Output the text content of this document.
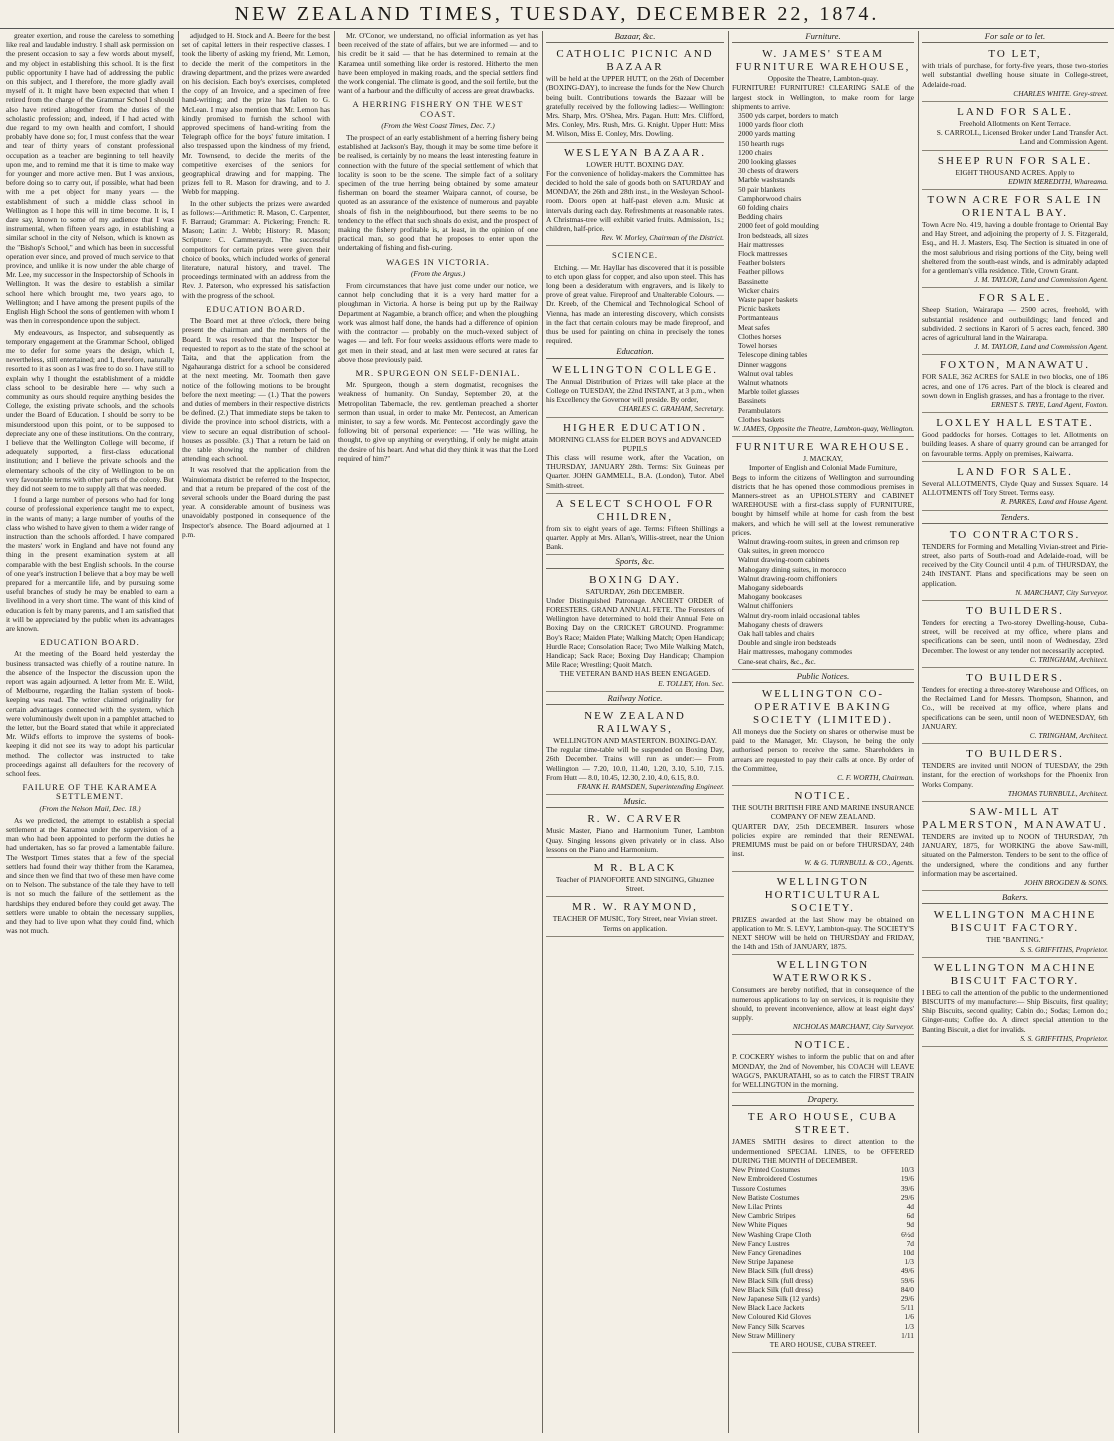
NEW ZEALAND TIMES, TUESDAY, DECEMBER 22, 1874.

greater exertion, and rouse the careless to something like real and laudable industry. I shall ask permission on the present occasion to say a few words about myself, and my object in establishing this school. It is the first public opportunity I have had of addressing the public on this subject, and I therefore, the more gladly avail myself of it. It might have been expected that when I retired from the charge of the Grammar School I should also have retired altogether from the duties of the scholastic profession; and, indeed, if I had acted with due regard to my own health and comfort, I should probably have done so; for, I must confess that the wear and tear of thirty years of constant professional occupation as a teacher are beginning to tell heavily upon me, and to remind me that it is time to make way for younger and more active men. But I was anxious, before doing so to carry out, if possible, what had been with me a pet object for many years — the establishment of such a middle class school in Wellington as I hope this will in time become. It is, I dare say, known to some of my audience that I was instrumental, when fifteen years ago, in establishing a similar school in the city of Nelson, which is known as the "Bishop's School," and which has been in successful operation ever since, and proved of much service to that province, and unlike it is now under the able charge of Mr. Lee, my successor in the Inspectorship of Schools in Wellington. It was the desire to establish a similar school here which brought me, two years ago, to Wellington; and I have among the present pupils of the English High School the sons of gentlemen with whom I was then in correspondence upon the subject.

My endeavours, as Inspector, and subsequently as temporary engagement at the Grammar School, obliged me to defer for some years the design, which I, nevertheless, still entertained; and I, therefore, naturally resorted to it as soon as I was free to do so. I have still to explain why I thought the establishment of a middle class school to be desirable here — why such a community as ours should require anything besides the College, the existing private schools, and the schools under the Board of Education. I should be sorry to be misunderstood upon this point, or to be supposed to depreciate any one of these institutions. On the contrary, I believe that the Wellington College will become, if adequately supported, a first-class educational institution; and I believe the private schools and the elementary schools of the city of Wellington to be on very favourable terms with other parts of the colony. But they did not seem to me to supply all that was needed.

I found a large number of persons who had for long course of professional experience taught me to expect, in the wants of many; a large number of youths of the class who wished to have given to them a wider range of instruction than the schools afforded. I have compared the masters' work in England and have not found any thing in the present examination system at all comparable with the best English schools. In the course of one year's instruction I believe that a boy may be well prepared for a mercantile life, and by pursuing some useful branches of study he may be enabled to earn a livelihood in a very short time. The want of this kind of education is felt by many parents, and I am satisfied that it will be appreciated by the public when its advantages are known.

EDUCATION BOARD.

At the meeting of the Board held yesterday the business transacted was chiefly of a routine nature. In the absence of the Inspector the discussion upon the report was again adjourned. A letter from Mr. E. Wild, of Melbourne, regarding the Italian system of book-keeping was read. The writer claimed originality for certain advantages connected with the system, which were voluminously dwelt upon in a pamphlet attached to the letter, but the Board stated that while it appreciated Mr. Wild's efforts to improve the systems of book-keeping it did not see its way to adopt his particular method. The collector was instructed to take proceedings against all defaulters for the recovery of school fees.

FAILURE OF THE KARAMEA SETTLEMENT.
(From the Nelson Mail, Dec. 18.)

As we predicted, the attempt to establish a special settlement at the Karamea under the supervision of a man who had been appointed to perform the duties he had undertaken, has so far proved a lamentable failure. The Westport Times states that a few of the special settlers had found their way thither from the Karamea, and since then we find that two of these men have come on to Nelson. The substance of the tale they have to tell is not so much the failure of the settlement as the hardships they endured before they could get away. The settlers were unable to obtain the necessary supplies, and they had to live upon what they could find, which was not much.

adjudged to H. Stock and A. Beere for the best set of capital letters in their respective classes. I took the liberty of asking my friend, Mr. Lemon, to decide the merit of the competitors in the drawing department, and the prizes were awarded on his decision. Each boy's exercises, completed the copy of an Invoice, and a specimen of free hand-writing; and the prize has fallen to G. McLean. I may also mention that Mr. Lemon has kindly promised to furnish the school with approved specimens of hand-writing from the Telegraph office for the boys' future imitation. I also trespassed upon the kindness of my friend, Mr. Townsend, to decide the merits of the competitive exercises of the seniors for geographical drawing and for mapping. The prizes fell to R. Mason for drawing, and to J. Webb for mapping.

In the other subjects the prizes were awarded as follows:—Arithmetic: R. Mason, C. Carpenter, F. Barraud; Grammar: A. Pickering; French: R. Mason; Latin: J. Webb; History: R. Mason; Scripture: C. Cammeraydt. The successful competitors for certain prizes were given their choice of books, which included works of general literature, natural history, and travel. The proceedings terminated with an address from the Rev. J. Paterson, who expressed his satisfaction with the progress of the school.

EDUCATION BOARD.

The Board met at three o'clock, there being present the chairman and the members of the Board. It was resolved that the Inspector be requested to report as to the state of the school at Taita, and that the application from the Ngahauranga district for a school be considered at the next meeting. Mr. Toomath then gave notice of the following motions to be brought before the next meeting: — (1.) That the powers and duties of members in their respective districts be defined. (2.) That immediate steps be taken to divide the province into school districts, with a view to secure an equal distribution of school-houses as possible. (3.) That a return be laid on the table showing the number of children attending each school.

It was resolved that the application from the Wainuiomata district be referred to the Inspector, and that a return be prepared of the cost of the several schools under the Board during the past year. A considerable amount of business was unavoidably postponed in consequence of the Inspector's absence. The Board adjourned at 1 p.m.

Mr. O'Conor, we understand, no official information as yet has been received of the state of affairs, but we are informed — and to his credit be it said — that he has determined to remain at the Karamea until something like order is restored. Hitherto the men have been employed in making roads, and the special settlers find the work congenial. The climate is good, and the soil fertile, but the want of a harbour and the difficulty of access are great drawbacks.

A HERRING FISHERY ON THE WEST COAST.
(From the West Coast Times, Dec. 7.)

The prospect of an early establishment of a herring fishery being established at Jackson's Bay, though it may be some time before it be realised, is certainly by no means the least interesting feature in connection with the future of the special settlement of which that locality is soon to be the scene. The simple fact of a solitary specimen of the true herring being obtained by some amateur fisherman on board the steamer Waipara cannot, of course, be quoted as an assurance of the existence of numerous and payable shoals of fish in the neighbourhood, but there seems to be no tendency to the effect that such shoals do exist, and the prospect of making the fishery profitable is, at least, in the opinion of one practical man, so good that he proposes to enter upon the undertaking of fishing and fish-curing.

WAGES IN VICTORIA.
(From the Argus.)

From circumstances that have just come under our notice, we cannot help concluding that it is a very hard matter for a ploughman in Victoria. A horse is being put up by the Railway Department at Nagambie, a branch office; and when the ploughing work was almost half done, the hands had a difference of opinion with the contractor — probably on the much-vexed subject of wages — and left. For four weeks assiduous efforts were made to get men in their stead, and at last men were secured at rates far above those previously paid.

MR. SPURGEON ON SELF-DENIAL.

Mr. Spurgeon, though a stern dogmatist, recognises the weakness of humanity. On Sunday, September 20, at the Metropolitan Tabernacle, the rev. gentleman preached a shorter sermon than usual, in order to make Mr. Pentecost, an American minister, to say a few words. Mr. Pentecost accordingly gave the following bit of personal experience: — "He was willing, he thought, to give up anything or everything, if only he might attain the desire of his heart. And what did they think it was that the Lord required of him?"

Bazaar, &c.
CATHOLIC PICNIC AND BAZAAR
will be held at the UPPER HUTT, on the 26th of December (BOXING-DAY), to increase the funds for the New Church being built. Contributions towards the Bazaar will be gratefully received by the following ladies:— Wellington: Mrs. Sharp, Mrs. O'Shea, Mrs. Pagan. Hutt: Mrs. Clifford, Mrs. Conley, Mrs. Rush, Mrs. G. Knight. Upper Hutt: Miss M. Wilson, Miss E. Conley, Mrs. Dowling.
WESLEYAN BAZAAR.
LOWER HUTT. BOXING DAY.
For the convenience of holiday-makers the Committee has decided to hold the sale of goods both on SATURDAY and MONDAY, the 26th and 28th inst., in the Wesleyan School-room. Doors open at half-past eleven a.m. Music at intervals during each day. Refreshments at reasonable rates. A Christmas-tree will exhibit varied fruits. Admission, 1s.; children, half-price.
Rev. W. Morley, Chairman of the District.
SCIENCE.

Etching. — Mr. Hayllar has discovered that it is possible to etch upon glass for copper, and also upon steel. This has long been a desideratum with engravers, and is likely to prove of great value. Fireproof and Unalterable Colours. — Dr. Kreeb, of the Chemical and Technological School of Vienna, has made an interesting discovery, which consists in the fact that certain colours may be made fireproof, and thus be used for painting on china in precisely the tones required.

Education.
WELLINGTON COLLEGE.
The Annual Distribution of Prizes will take place at the College on TUESDAY, the 22nd INSTANT, at 3 p.m., when his Excellency the Governor will preside. By order,
CHARLES C. GRAHAM, Secretary.
HIGHER EDUCATION.
MORNING CLASS for ELDER BOYS and ADVANCED PUPILS
This class will resume work, after the Vacation, on THURSDAY, JANUARY 28th. Terms: Six Guineas per Quarter. JOHN GAMMELL, B.A. (London), Tutor. Abel Smith-street.
A SELECT SCHOOL FOR CHILDREN,
from six to eight years of age. Terms: Fifteen Shillings a quarter. Apply at Mrs. Allan's, Willis-street, near the Union Bank.
Sports, &c.
BOXING DAY.
SATURDAY, 26th DECEMBER.
Under Distinguished Patronage. ANCIENT ORDER of FORESTERS. GRAND ANNUAL FETE. The Foresters of Wellington have determined to hold their Annual Fete on Boxing Day on the CRICKET GROUND. Programme: Boy's Race; Maiden Plate; Walking Match; Open Handicap; Hurdle Race; Consolation Race; Two Mile Walking Match, Handicap; Sack Race; Boxing Day Handicap; Champion Mile Race; Wrestling; Quoit Match.
THE VETERAN BAND HAS BEEN ENGAGED.
E. TOLLEY, Hon. Sec.
Railway Notice.
NEW ZEALAND RAILWAYS,
WELLINGTON AND MASTERTON. BOXING-DAY.
The regular time-table will be suspended on Boxing Day, 26th December. Trains will run as under:— From Wellington — 7.20, 10.0, 11.40, 1.20, 3.10, 5.10, 7.15. From Hutt — 8.0, 10.45, 12.30, 2.10, 4.0, 6.15, 8.0.
FRANK H. RAMSDEN, Superintending Engineer.
Music.
R. W. CARVER
Music Master, Piano and Harmonium Tuner, Lambton Quay. Singing lessons given privately or in class. Also lessons on the Piano and Harmonium.
M R. BLACK
Teacher of PIANOFORTE AND SINGING, Ghuznee Street.
MR. W. RAYMOND,
TEACHER OF MUSIC, Tory Street, near Vivian street. Terms on application.
Furniture.
W. JAMES' STEAM FURNITURE WAREHOUSE,
Opposite the Theatre, Lambton-quay.
FURNITURE! FURNITURE! CLEARING SALE of the largest stock in Wellington, to make room for large shipments to arrive.
3500 yds carpet, borders to match
1000 yards floor cloth
2000 yards matting
150 hearth rugs
1200 chairs
200 looking glasses
30 chests of drawers
Marble washstands
50 pair blankets
Camphorwood chairs
60 folding chairs
Bedding chairs
2000 feet of gold moulding
Iron bedsteads, all sizes
Hair mattresses
Flock mattresses
Feather bolsters
Feather pillows
Bassinette
Wicker chairs
Waste paper baskets
Picnic baskets
Portmanteaus
Meat safes
Clothes horses
Towel horses
Telescope dining tables
Dinner waggons
Walnut oval tables
Walnut whatnots
Marble toilet glasses
Bassinets
Perambulators
Clothes baskets
W. JAMES, Opposite the Theatre, Lambton-quay, Wellington.
FURNITURE WAREHOUSE.
J. MACKAY,
Importer of English and Colonial Made Furniture,
Begs to inform the citizens of Wellington and surrounding districts that he has opened those commodious premises in Manners-street as an UPHOLSTERY and CABINET WAREHOUSE with a first-class supply of FURNITURE, bought by himself while at home for cash from the best makers, and which he will sell at the lowest remunerative prices.
Walnut drawing-room suites, in green and crimson rep
Oak suites, in green morocco
Walnut drawing-room cabinets
Mahogany dining suites, in morocco
Walnut drawing-room chiffoniers
Mahogany sideboards
Mahogany bookcases
Walnut chiffoniers
Walnut dry-room inlaid occasional tables
Mahogany chests of drawers
Oak hall tables and chairs
Double and single iron bedsteads
Hair mattresses, mahogany commodes
Cane-seat chairs, &c., &c.
Public Notices.
WELLINGTON CO-OPERATIVE BAKING SOCIETY (LIMITED).
All moneys due the Society on shares or otherwise must be paid to the Manager, Mr. Clayson, he being the only authorised person to receive the same. Shareholders in arrears are requested to pay their calls at once. By order of the Committee,
C. F. WORTH, Chairman.
NOTICE.
THE SOUTH BRITISH FIRE AND MARINE INSURANCE COMPANY OF NEW ZEALAND.
QUARTER DAY, 25th DECEMBER. Insurers whose policies expire are reminded that their RENEWAL PREMIUMS must be paid on or before THURSDAY, 24th inst.
W. & G. TURNBULL & CO., Agents.
WELLINGTON HORTICULTURAL SOCIETY.
PRIZES awarded at the last Show may be obtained on application to Mr. S. LEVY, Lambton-quay. The SOCIETY'S NEXT SHOW will be held on THURSDAY and FRIDAY, the 14th and 15th of JANUARY, 1875.
WELLINGTON WATERWORKS.
Consumers are hereby notified, that in consequence of the numerous applications to lay on services, it is requisite they should, to prevent inconvenience, allow at least eight days' supply.
NICHOLAS MARCHANT, City Surveyor.
NOTICE.
P. COCKERY wishes to inform the public that on and after MONDAY, the 2nd of November, his COACH will LEAVE WAGG'S, PAKURATAHI, so as to catch the FIRST TRAIN for WELLINGTON in the morning.
Drapery.
TE ARO HOUSE, CUBA STREET.
JAMES SMITH desires to direct attention to the undermentioned SPECIAL LINES, to be OFFERED DURING THE MONTH of DECEMBER.
New Printed Costumes	10/3
New Embroidered Costumes	19/6
Tussore Costumes	39/6
New Batiste Costumes	29/6
New Lilac Prints	4d
New Cambric Stripes	6d
New White Piques	9d
New Washing Crape Cloth	6½d
New Fancy Lustres	7d
New Fancy Grenadines	10d
New Stripe Japanese	1/3
New Black Silk (full dress)	49/6
New Black Silk (full dress)	59/6
New Black Silk (full dress)	84/0
New Japanese Silk (12 yards)	29/6
New Black Lace Jackets	5/11
New Coloured Kid Gloves	1/6
New Fancy Silk Scarves	1/3
New Straw Millinery	1/11
TE ARO HOUSE, CUBA STREET.
For sale or to let.
TO LET,
with trials of purchase, for forty-five years, those two-stories well substantial dwelling house situate in College-street, Adelaide-road.
CHARLES WHITE. Grey-street.
LAND FOR SALE.
Freehold Allotments on Kent Terrace.
S. CARROLL, Licensed Broker under Land Transfer Act. Land and Commission Agent.
SHEEP RUN FOR SALE.
EIGHT THOUSAND ACRES. Apply to
EDWIN MEREDITH, Whareama.
TOWN ACRE FOR SALE IN ORIENTAL BAY.
Town Acre No. 419, having a double frontage to Oriental Bay and Hay Street, and adjoining the property of J. S. Fitzgerald, Esq., and H. J. Masters, Esq. The Section is situated in one of the most salubrious and rising portions of the City, being well sheltered from the south-east winds, and is admirably adapted for a gentleman's villa residence. Title, Crown Grant.
J. M. TAYLOR, Land and Commission Agent.
FOR SALE.
Sheep Station, Wairarapa — 2500 acres, freehold, with substantial residence and outbuildings; land fenced and subdivided. 2 sections in Karori of 5 acres each, fenced. 380 acres of agricultural land in the Wairarapa.
J. M. TAYLOR, Land and Commission Agent.
FOXTON, MANAWATU.
FOR SALE, 362 ACRES for SALE in two blocks, one of 186 acres, and one of 176 acres. Part of the block is cleared and sown down in English grasses, and has a frontage to the river.
ERNEST S. TRYE, Land Agent, Foxton.
LOXLEY HALL ESTATE.
Good paddocks for horses. Cottages to let. Allotments on building leases. A share of quarry ground can be arranged for on favourable terms. Apply on premises, Kaiwarra.
LAND FOR SALE.
Several ALLOTMENTS, Clyde Quay and Sussex Square. 14 ALLOTMENTS off Tory Street. Terms easy.
R. PARKES, Land and House Agent.
Tenders.
TO CONTRACTORS.
TENDERS for Forming and Metalling Vivian-street and Pirie-street, also parts of South-road and Adelaide-road, will be received by the City Council until 4 p.m. of THURSDAY, the 24th INSTANT. Plans and specifications may be seen on application.
N. MARCHANT, City Surveyor.
TO BUILDERS.
Tenders for erecting a Two-storey Dwelling-house, Cuba-street, will be received at my office, where plans and specifications can be seen, until noon of Wednesday, 23rd December. The lowest or any tender not necessarily accepted.
C. TRINGHAM, Architect.
TO BUILDERS.
Tenders for erecting a three-storey Warehouse and Offices, on the Reclaimed Land for Messrs. Thompson, Shannon, and Co., will be received at my office, where plans and specifications can be seen, until noon of WEDNESDAY, 6th JANUARY.
C. TRINGHAM, Architect.
TO BUILDERS.
TENDERS are invited until NOON of TUESDAY, the 29th instant, for the erection of workshops for the Phoenix Iron Works Company.
THOMAS TURNBULL, Architect.
SAW-MILL AT PALMERSTON, MANAWATU.
TENDERS are invited up to NOON of THURSDAY, 7th JANUARY, 1875, for WORKING the above Saw-mill, situated on the Palmerston. Tenders to be sent to the office of the undersigned, where the conditions and any further information may be ascertained.
JOHN BROGDEN & SONS.
Bakers.
WELLINGTON MACHINE BISCUIT FACTORY.
THE "BANTING."
S. S. GRIFFITHS, Proprietor.
WELLINGTON MACHINE BISCUIT FACTORY.
I BEG to call the attention of the public to the undermentioned BISCUITS of my manufacture:— Ship Biscuits, first quality; Ship Biscuits, second quality; Cabin do.; Sodas; Lemon do.; Ginger-nuts; Coffee do. A direct special attention to the Banting Biscuit, a diet for invalids.
S. S. GRIFFITHS, Proprietor.
